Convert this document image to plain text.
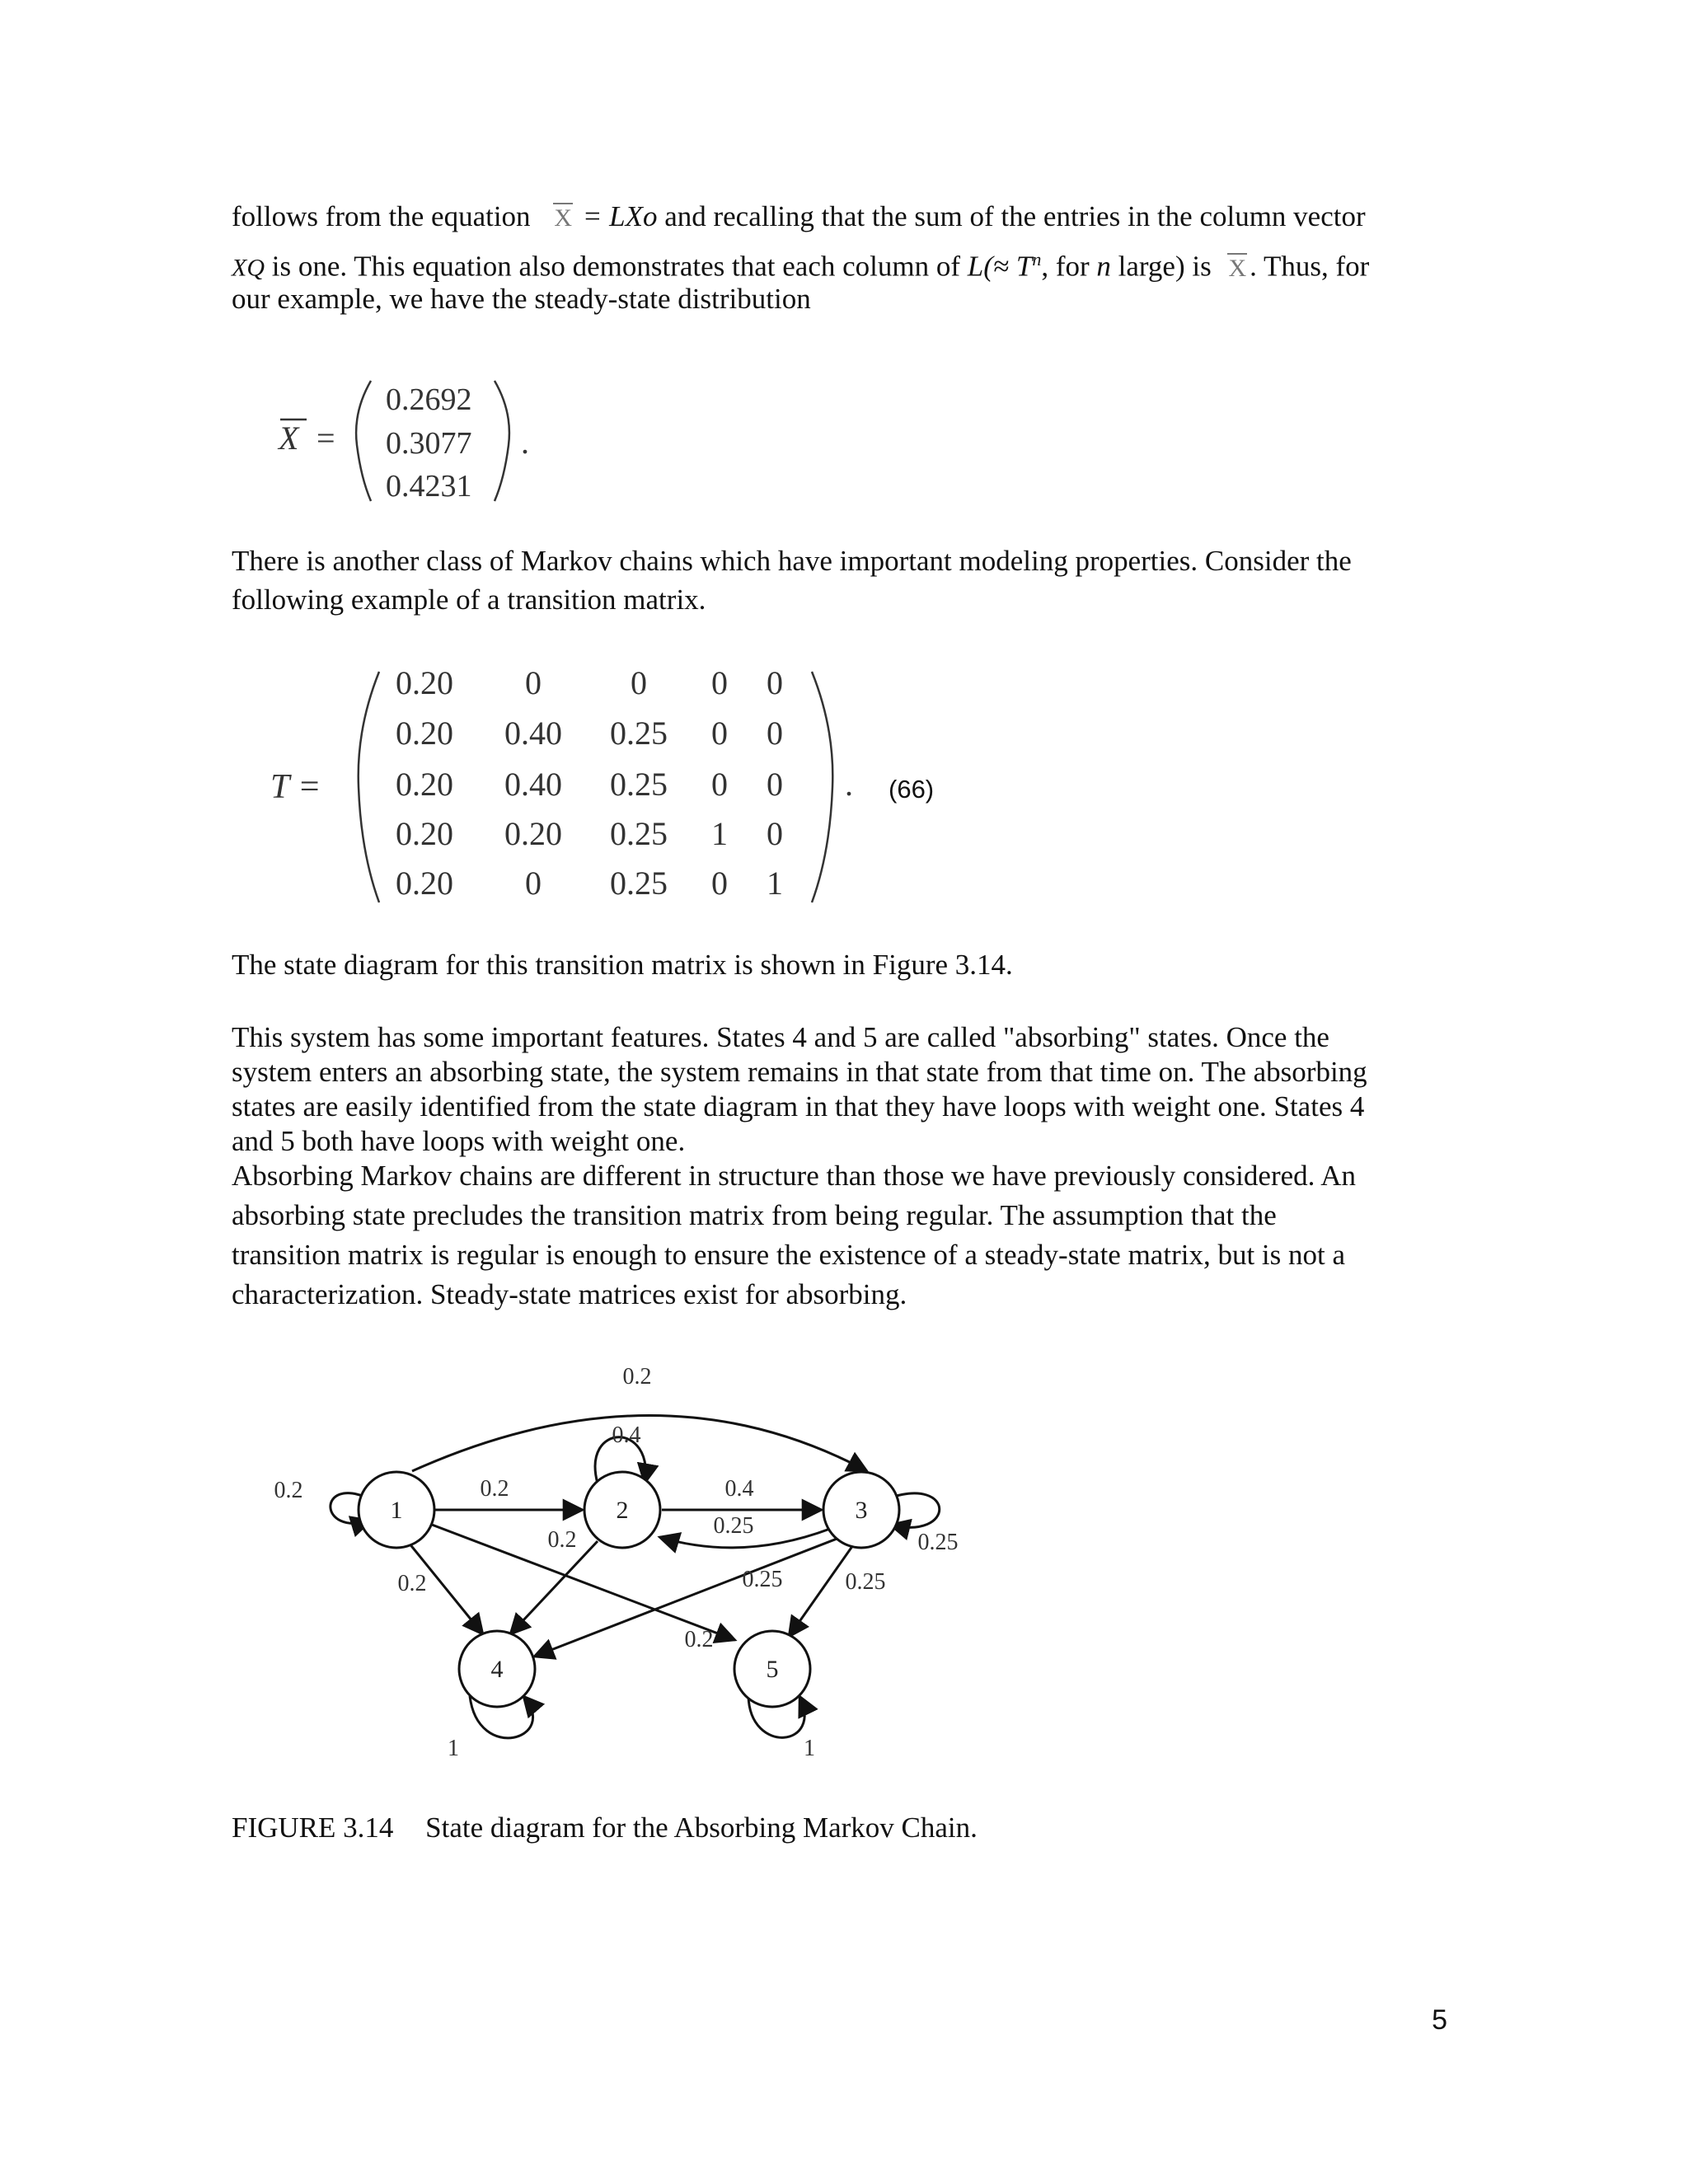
follows from the equation X = LXo and recalling that the sum of the entries in the column vector
XQ is one. This equation also demonstrates that each column of $L(\approx T^n$, for n large) is X . Thus, for
our example, we have the steady-state distribution
X =
0.2692
0.3077
0.4231
.
There is another class of Markov chains which have important modeling properties. Consider the
following example of a transition matrix.
T =
0.20 0	0 0 0
0.20 0.40 0.25 0 0
0.20 0.40 0.25 0 0
0.20 0.20 0.25 1 0
0.20 0 0.25 0 1
. (66)
The state diagram for this transition matrix is shown in Figure 3.14.
This system has some important features. States 4 and 5 are called "absorbing" states. Once the
system enters an absorbing state, the system remains in that state from that time on. The absorbing
states are easily identified from the state diagram in that they have loops with weight one. States 4
and 5 both have loops with weight one.
Absorbing Markov chains are different in structure than those we have previously considered. An
absorbing state precludes the transition matrix from being regular. The assumption that the
transition matrix is regular is enough to ensure the existence of a steady-state matrix, but is not a
characterization. Steady-state matrices exist for absorbing.
1	2	3
4	5
0.2
0.4
0.2	0.2	0.4
0.25
0.25
0.2
0.2	0.25	0.25
0.2
1	1
FIGURE 3.14 State diagram for the Absorbing Markov Chain.
5
